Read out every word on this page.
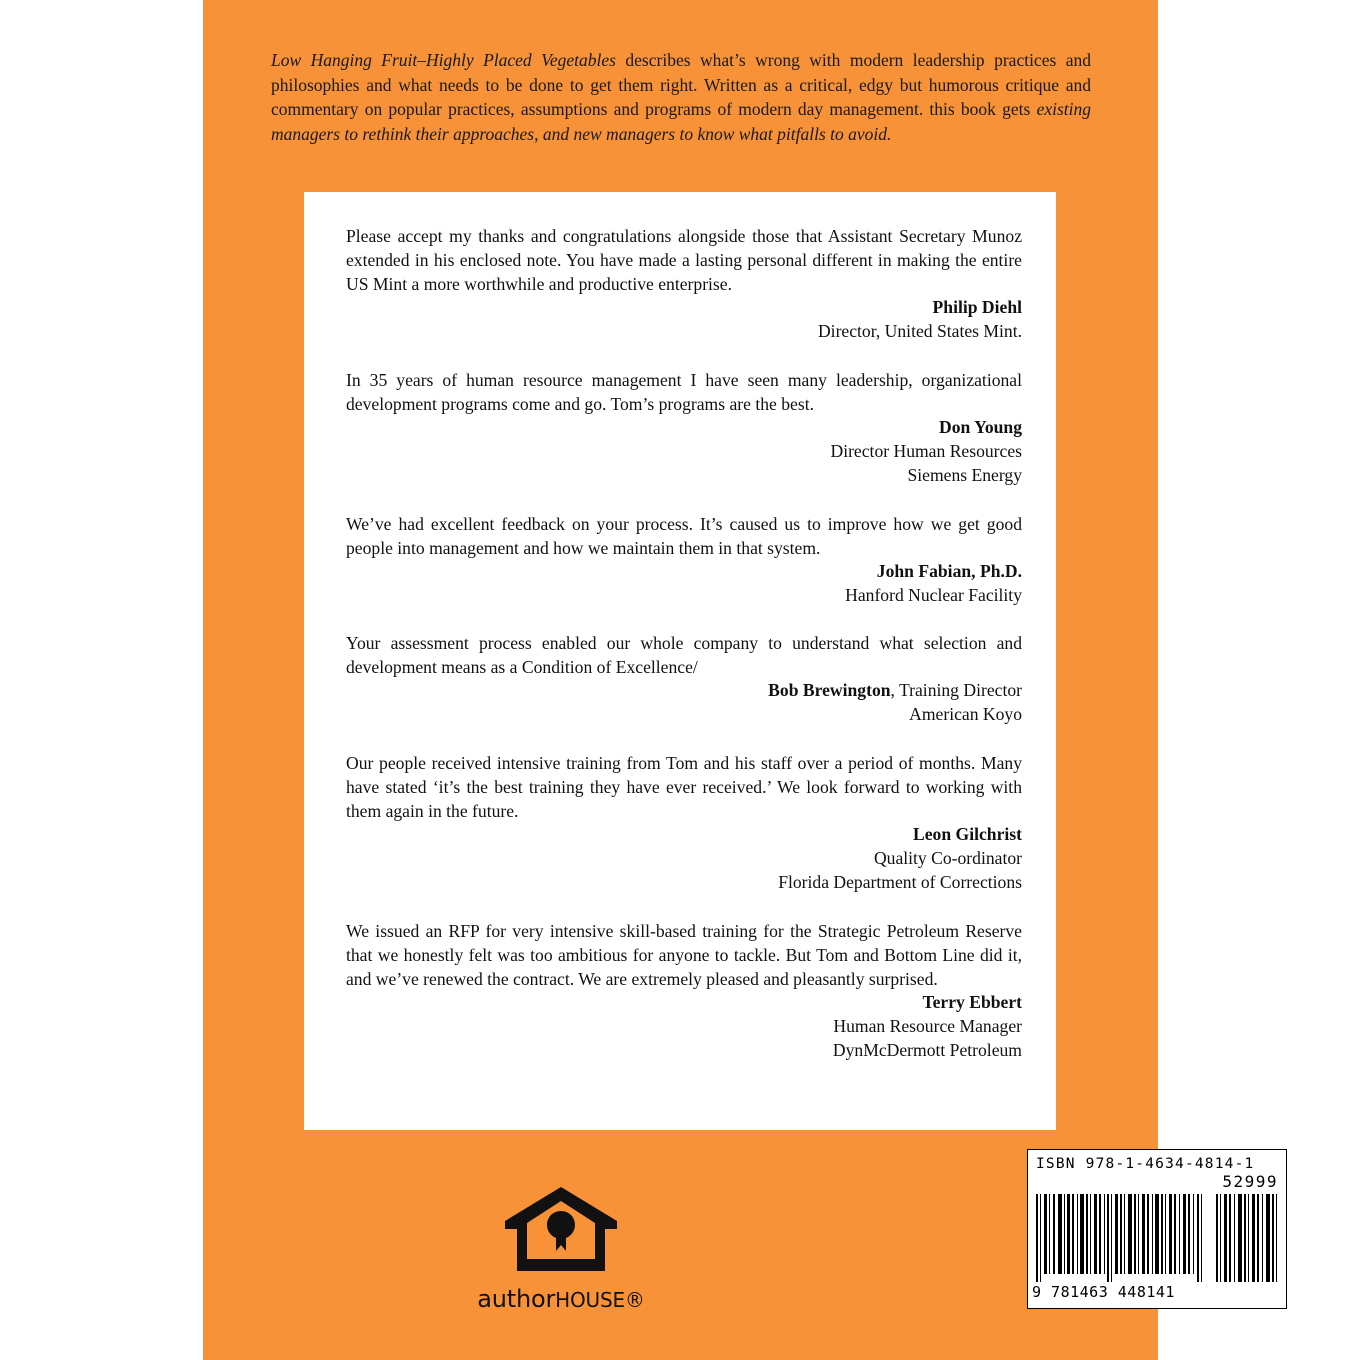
Low Hanging Fruit–Highly Placed Vegetables describes what’s wrong with modern leadership practices and philosophies and what needs to be done to get them right. Written as a critical, edgy but humorous critique and commentary on popular practices, assumptions and programs of modern day management. this book gets existing managers to rethink their approaches, and new managers to know what pitfalls to avoid.

Please accept my thanks and congratulations alongside those that Assistant Secretary Munoz extended in his enclosed note. You have made a lasting personal different in making the entire US Mint a more worthwhile and productive enterprise.

Philip Diehl
Director, United States Mint.

In 35 years of human resource management I have seen many leadership, organizational development programs come and go. Tom’s programs are the best.

Don Young
Director Human Resources
Siemens Energy

We’ve had excellent feedback on your process. It’s caused us to improve how we get good people into management and how we maintain them in that system.

John Fabian, Ph.D.
Hanford Nuclear Facility

Your assessment process enabled our whole company to understand what selection and development means as a Condition of Excellence/

Bob Brewington, Training Director
American Koyo

Our people received intensive training from Tom and his staff over a period of months. Many have stated ‘it’s the best training they have ever received.’ We look forward to working with them again in the future.

Leon Gilchrist
Quality Co-ordinator
Florida Department of Corrections

We issued an RFP for very intensive skill-based training for the Strategic Petroleum Reserve that we honestly felt was too ambitious for anyone to tackle. But Tom and Bottom Line did it, and we’ve renewed the contract. We are extremely pleased and pleasantly surprised.

Terry Ebbert
Human Resource Manager
DynMcDermott Petroleum
authorHOUSE®
ISBN 978-1-4634-4814-1
52999
9 781463 448141
